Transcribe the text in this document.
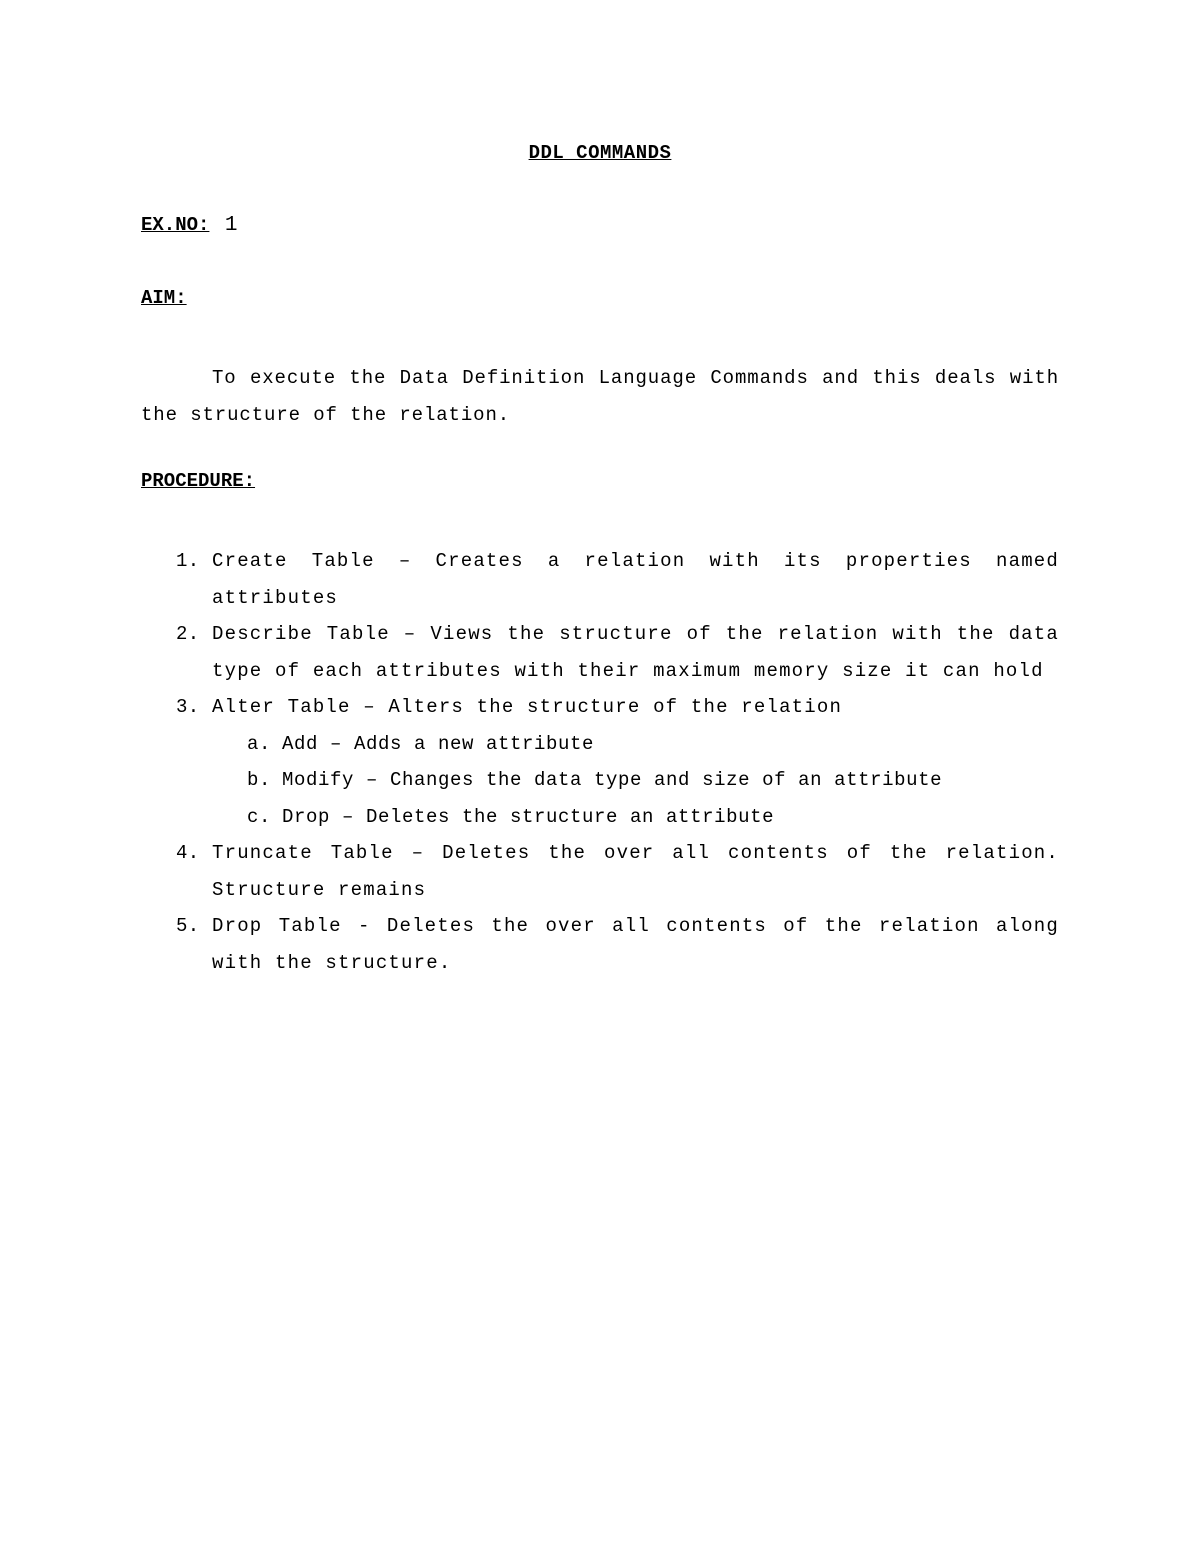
DDL COMMANDS
EX.NO: 1
AIM:
To execute the Data Definition Language Commands and this deals with the structure of the relation.
PROCEDURE:
1. Create Table – Creates a relation with its properties named attributes
2. Describe Table – Views the structure of the relation with the data type of each attributes with their maximum memory size it can hold
3. Alter Table – Alters the structure of the relation
a. Add – Adds a new attribute
b. Modify – Changes the data type and size of an attribute
c. Drop – Deletes the structure an attribute
4. Truncate Table – Deletes the over all contents of the relation. Structure remains
5. Drop Table - Deletes the over all contents of the relation along with the structure.
